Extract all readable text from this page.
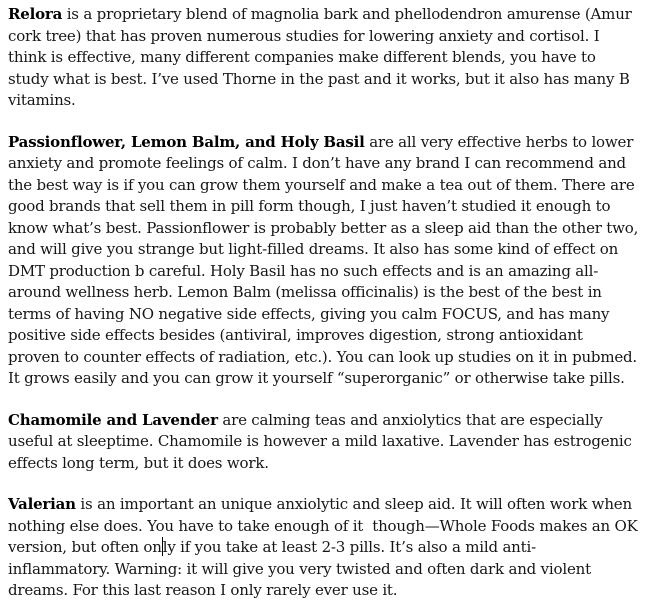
Relora is a proprietary blend of magnolia bark and phellodendron amurense (Amur
cork tree) that has proven numerous studies for lowering anxiety and cortisol. I
think is effective, many different companies make different blends, you have to
study what is best. I’ve used Thorne in the past and it works, but it also has many B
vitamins.
Passionflower, Lemon Balm, and Holy Basil are all very effective herbs to lower
anxiety and promote feelings of calm. I don’t have any brand I can recommend and
the best way is if you can grow them yourself and make a tea out of them. There are
good brands that sell them in pill form though, I just haven’t studied it enough to
know what’s best. Passionflower is probably better as a sleep aid than the other two,
and will give you strange but light-filled dreams. It also has some kind of effect on
DMT production b careful. Holy Basil has no such effects and is an amazing all-
around wellness herb. Lemon Balm (melissa officinalis) is the best of the best in
terms of having NO negative side effects, giving you calm FOCUS, and has many
positive side effects besides (antiviral, improves digestion, strong antioxidant
proven to counter effects of radiation, etc.). You can look up studies on it in pubmed.
It grows easily and you can grow it yourself “superorganic” or otherwise take pills.
Chamomile and Lavender are calming teas and anxiolytics that are especially
useful at sleeptime. Chamomile is however a mild laxative. Lavender has estrogenic
effects long term, but it does work.
Valerian is an important an unique anxiolytic and sleep aid. It will often work when
nothing else does. You have to take enough of it  though—Whole Foods makes an OK
version, but often only if you take at least 2-3 pills. It’s also a mild anti-
inflammatory. Warning: it will give you very twisted and often dark and violent
dreams. For this last reason I only rarely ever use it.
